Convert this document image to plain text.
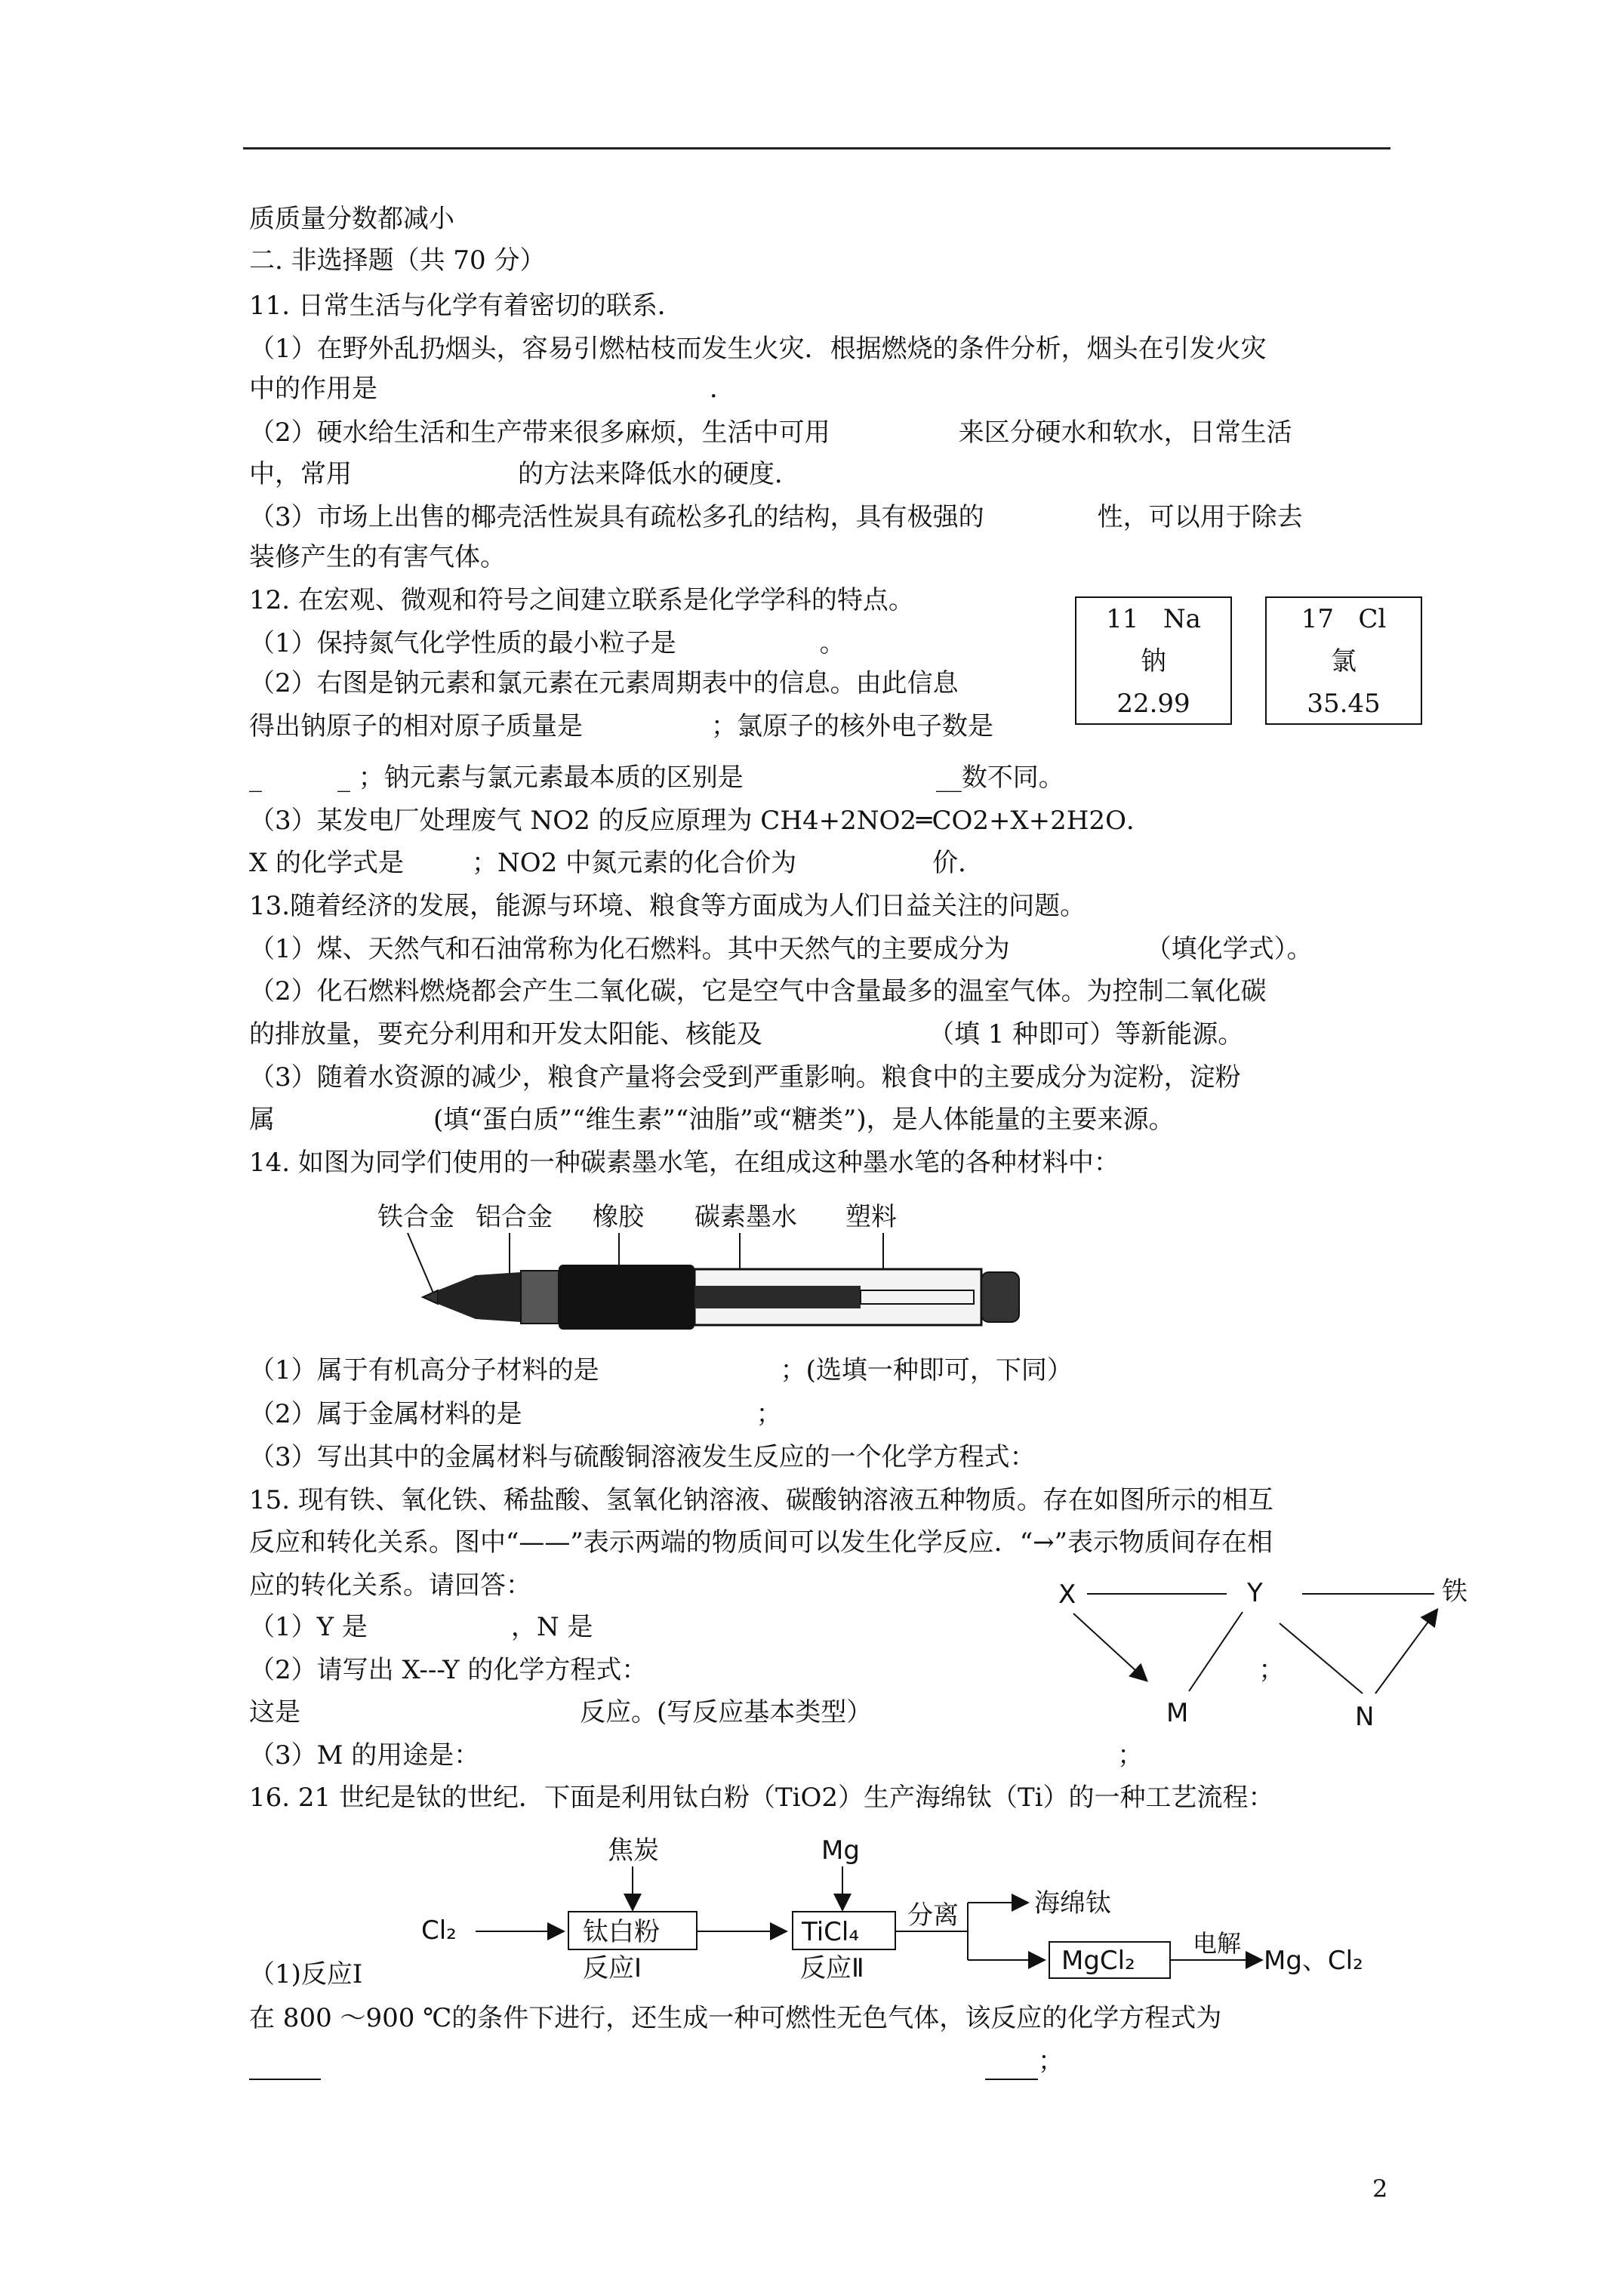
质质量分数都减小
二. 非选择题（共 70 分）
11. 日常生活与化学有着密切的联系．
（1）在野外乱扔烟头，容易引燃枯枝而发生火灾．根据燃烧的条件分析，烟头在引发火灾
中的作用是	．
（2）硬水给生活和生产带来很多麻烦，生活中可用	来区分硬水和软水，日常生活
中，常用	的方法来降低水的硬度．
（3）市场上出售的椰壳活性炭具有疏松多孔的结构，具有极强的	性，可以用于除去
装修产生的有害气体。
12. 在宏观、微观和符号之间建立联系是化学学科的特点。
（1）保持氮气化学性质的最小粒子是	。
（2）右图是钠元素和氯元素在元素周期表中的信息。由此信息
得出钠原子的相对原子质量是	；氯原子的核外电子数是
_	_ ；钠元素与氯元素最本质的区别是	__数不同。
11 Na
钠
22.99
17 Cl
氯
35.45
（3）某发电厂处理废气 NO2 的反应原理为 CH4+2NO2═CO2+X+2H2O．
X 的化学式是	；NO2 中氮元素的化合价为	价．
13.随着经济的发展，能源与环境、粮食等方面成为人们日益关注的问题。
（1）煤、天然气和石油常称为化石燃料。其中天然气的主要成分为	（填化学式）。
（2）化石燃料燃烧都会产生二氧化碳，它是空气中含量最多的温室气体。为控制二氧化碳
的排放量，要充分利用和开发太阳能、核能及	（填 1 种即可）等新能源。
（3）随着水资源的减少，粮食产量将会受到严重影响。粮食中的主要成分为淀粉，淀粉
属	(填“蛋白质”“维生素”“油脂”或“糖类”)，是人体能量的主要来源。
14. 如图为同学们使用的一种碳素墨水笔，在组成这种墨水笔的各种材料中：
铁合金 铝合金 橡胶 碳素墨水 塑料
（1）属于有机高分子材料的是	；(选填一种即可，下同）
（2）属于金属材料的是	；
（3）写出其中的金属材料与硫酸铜溶液发生反应的一个化学方程式：
15. 现有铁、氧化铁、稀盐酸、氢氧化钠溶液、碳酸钠溶液五种物质。存在如图所示的相互
反应和转化关系。图中“——”表示两端的物质间可以发生化学反应．“→”表示物质间存在相
应的转化关系。请回答：
（1）Y 是	，N 是
（2）请写出 X---Y 的化学方程式：	；
这是	反应。(写反应基本类型）
（3）M 的用途是：	；
X	Y	铁
M	N
16. 21 世纪是钛的世纪．下面是利用钛白粉（TiO2）生产海绵钛（Ti）的一种工艺流程：
Cl₂
焦炭
钛白粉
反应Ⅰ
Mg
TiCl₄
反应Ⅱ
分离	海绵钛
MgCl₂
电解
Mg、Cl₂
（1)反应Ⅰ
在 800 ～900 ℃的条件下进行，还生成一种可燃性无色气体，该反应的化学方程式为
；
2
